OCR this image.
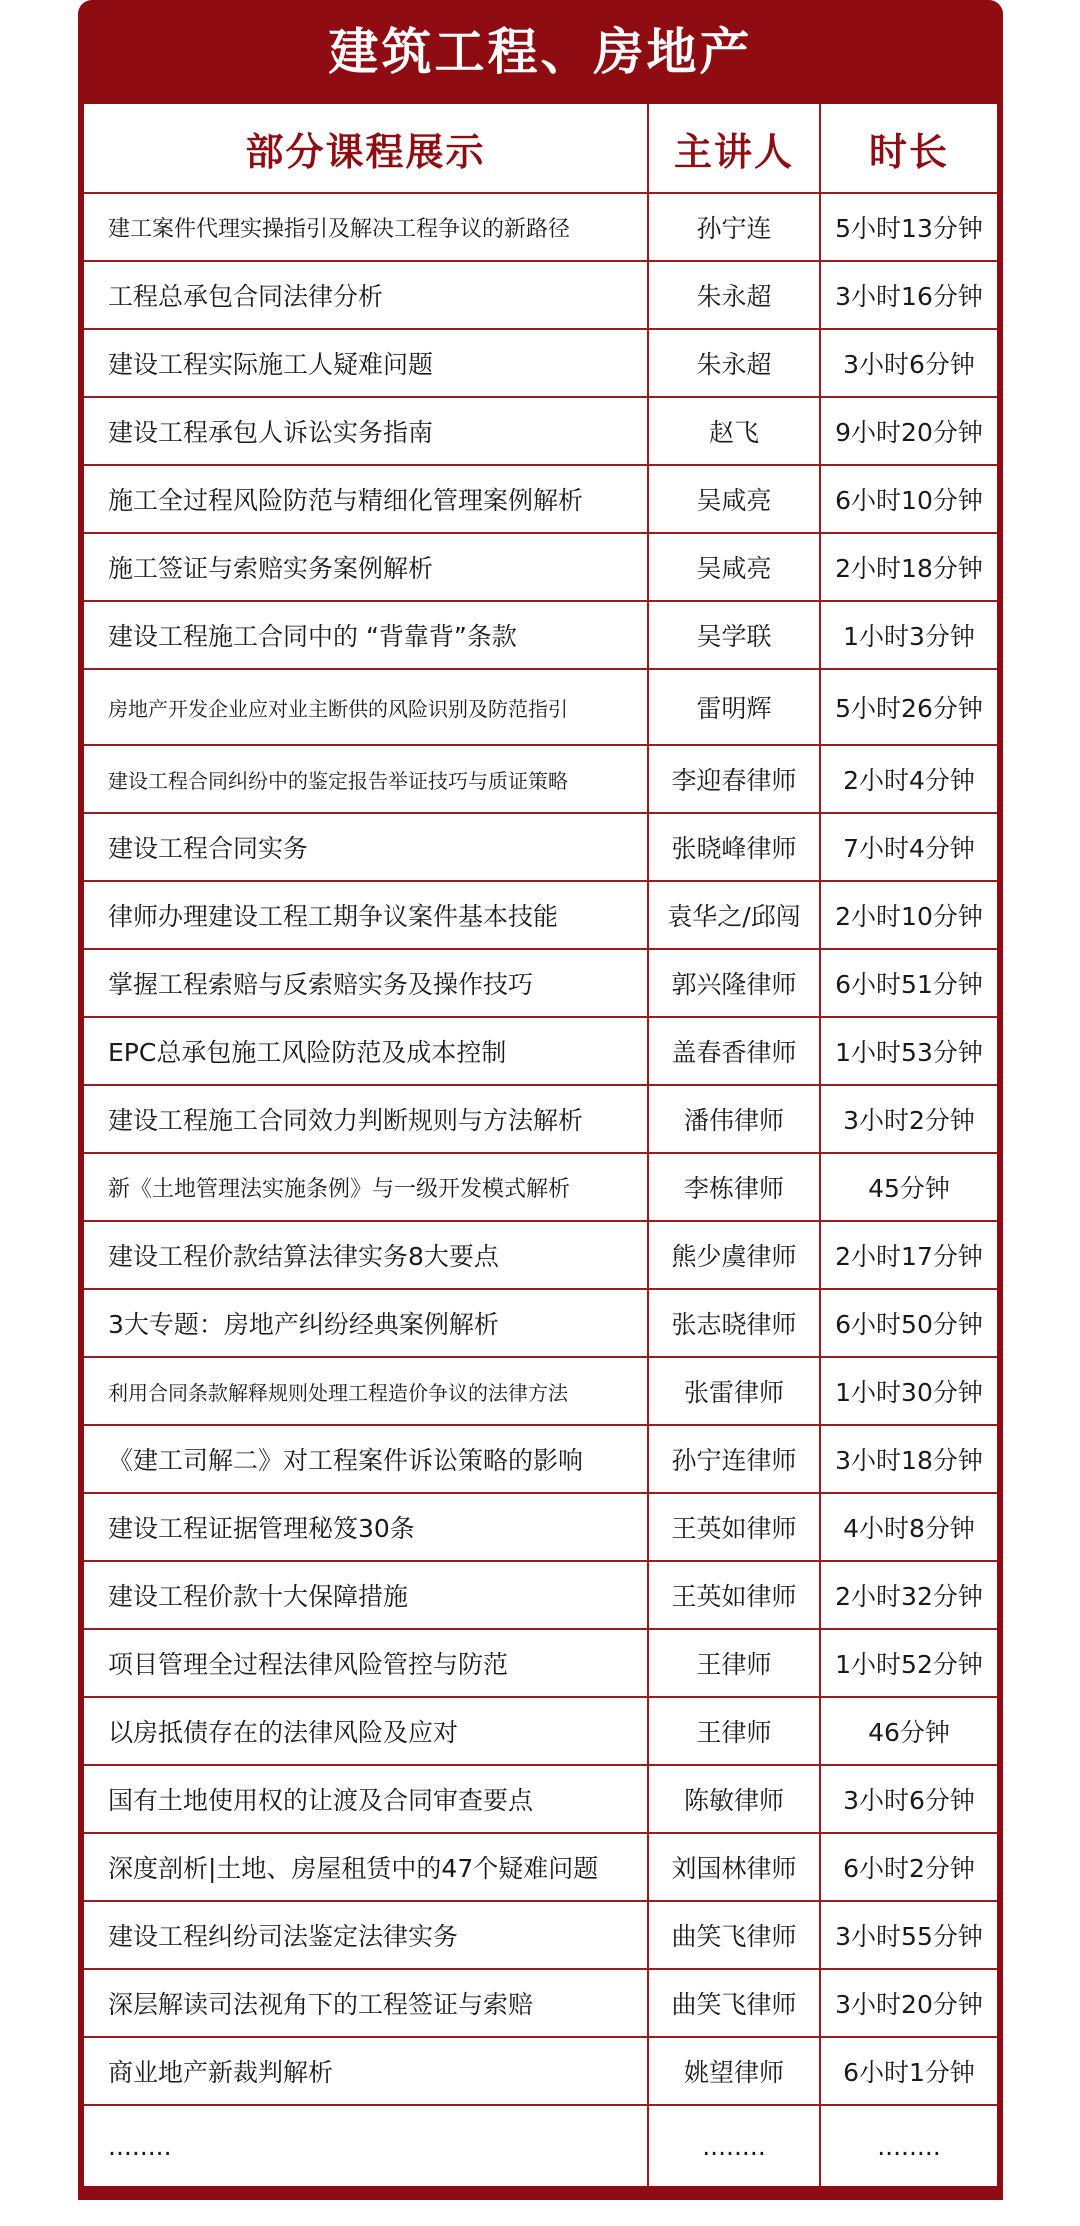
建筑工程、房地产
部分课程展示	主讲人	时长
建工案件代理实操指引及解决工程争议的新路径	孙宁连	5小时13分钟
工程总承包合同法律分析	朱永超	3小时16分钟
建设工程实际施工人疑难问题	朱永超	3小时6分钟
建设工程承包人诉讼实务指南	赵飞	9小时20分钟
施工全过程风险防范与精细化管理案例解析	吴咸亮	6小时10分钟
施工签证与索赔实务案例解析	吴咸亮	2小时18分钟
建设工程施工合同中的 “背靠背”条款	吴学联	1小时3分钟
房地产开发企业应对业主断供的风险识别及防范指引	雷明辉	5小时26分钟
建设工程合同纠纷中的鉴定报告举证技巧与质证策略	李迎春律师	2小时4分钟
建设工程合同实务	张晓峰律师	7小时4分钟
律师办理建设工程工期争议案件基本技能	袁华之/邱闯	2小时10分钟
掌握工程索赔与反索赔实务及操作技巧	郭兴隆律师	6小时51分钟
EPC总承包施工风险防范及成本控制	盖春香律师	1小时53分钟
建设工程施工合同效力判断规则与方法解析	潘伟律师	3小时2分钟
新《土地管理法实施条例》与一级开发模式解析	李栋律师	45分钟
建设工程价款结算法律实务8大要点	熊少虞律师	2小时17分钟
3大专题：房地产纠纷经典案例解析	张志晓律师	6小时50分钟
利用合同条款解释规则处理工程造价争议的法律方法	张雷律师	1小时30分钟
《建工司解二》对工程案件诉讼策略的影响	孙宁连律师	3小时18分钟
建设工程证据管理秘笈30条	王英如律师	4小时8分钟
建设工程价款十大保障措施	王英如律师	2小时32分钟
项目管理全过程法律风险管控与防范	王律师	1小时52分钟
以房抵债存在的法律风险及应对	王律师	46分钟
国有土地使用权的让渡及合同审查要点	陈敏律师	3小时6分钟
深度剖析|土地、房屋租赁中的47个疑难问题	刘国林律师	6小时2分钟
建设工程纠纷司法鉴定法律实务	曲笑飞律师	3小时55分钟
深层解读司法视角下的工程签证与索赔	曲笑飞律师	3小时20分钟
商业地产新裁判解析	姚望律师	6小时1分钟
........	........	........
